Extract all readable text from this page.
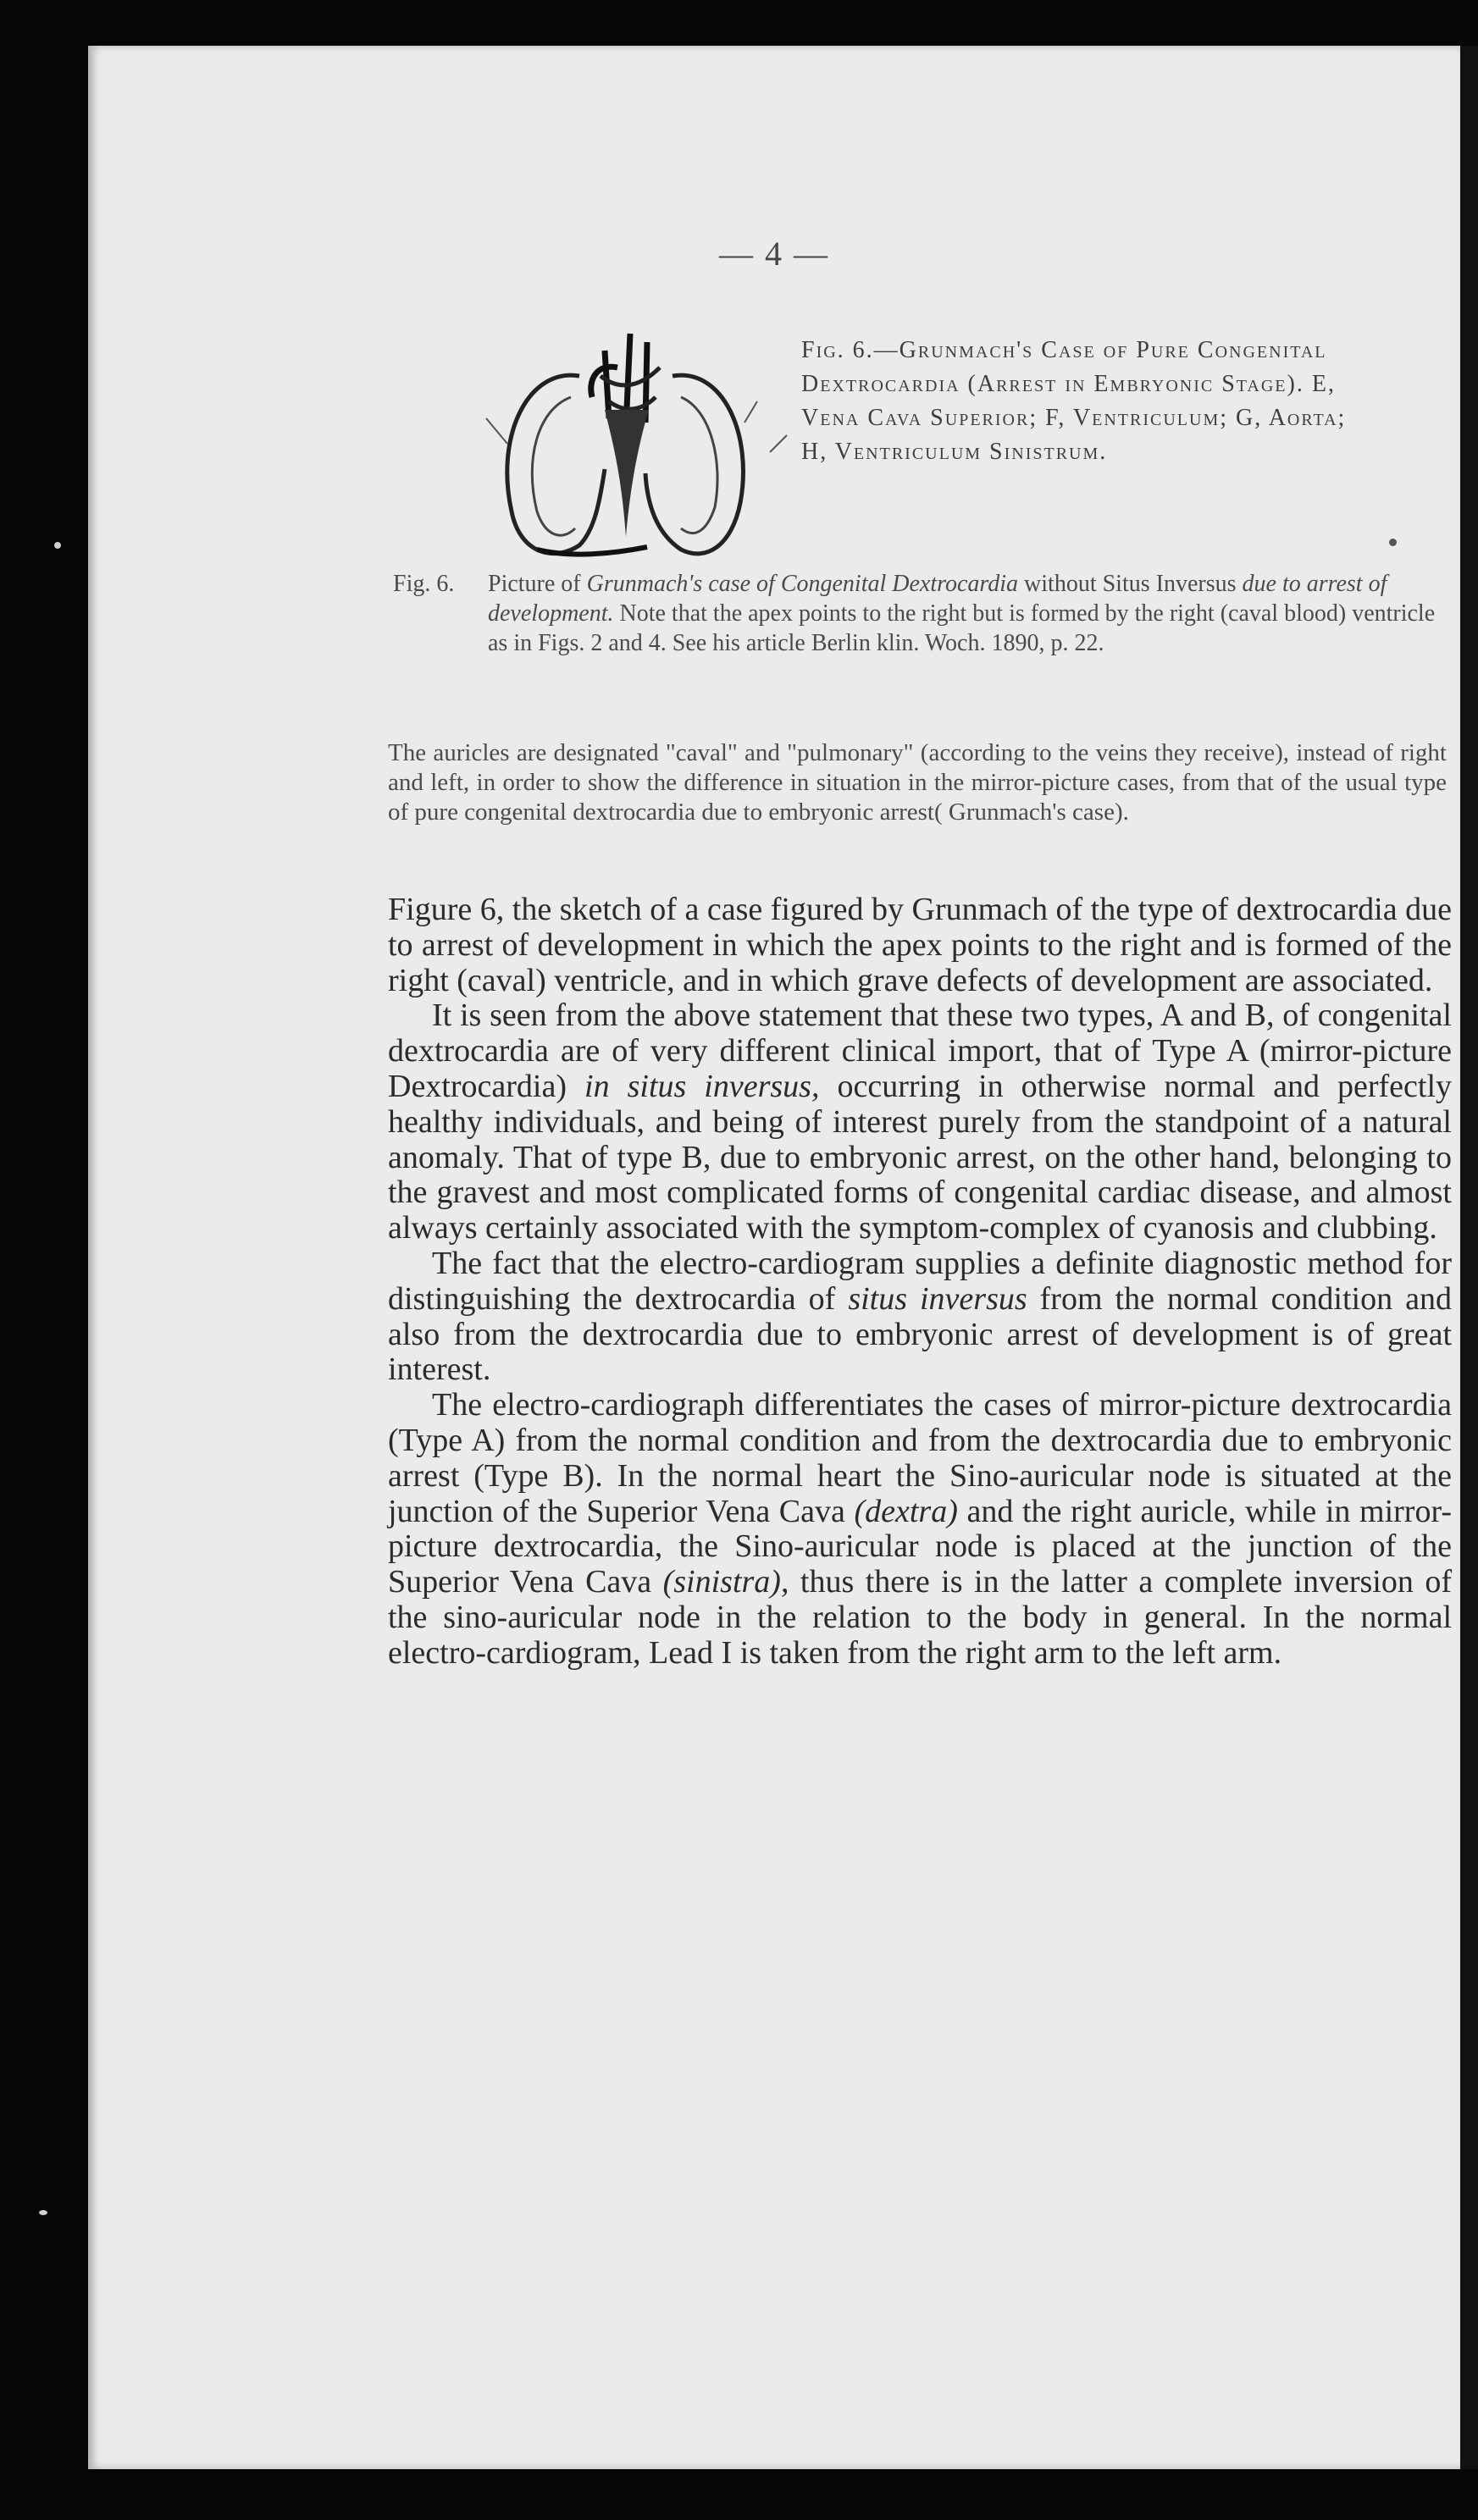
— 4 —
Fig. 6.—Grunmach's Case of Pure Congenital Dextrocardia (Arrest in Embryonic Stage). E, Vena Cava Superior; F, Ventriculum; G, Aorta; H, Ventriculum Sinistrum.
Fig. 6. Picture of Grunmach's case of Congenital Dextrocardia without Situs Inversus due to arrest of development. Note that the apex points to the right but is formed by the right (caval blood) ventricle as in Figs. 2 and 4. See his article Berlin klin. Woch. 1890, p. 22.
The auricles are designated "caval" and "pulmonary" (according to the veins they receive), instead of right and left, in order to show the difference in situation in the mirror-picture cases, from that of the usual type of pure congenital dextrocardia due to embryonic arrest( Grunmach's case).

Figure 6, the sketch of a case figured by Grunmach of the type of dextrocardia due to arrest of development in which the apex points to the right and is formed of the right (caval) ventricle, and in which grave defects of development are associated.

It is seen from the above statement that these two types, A and B, of congenital dextrocardia are of very different clinical import, that of Type A (mirror-picture Dextrocardia) in situs inversus, occurring in otherwise normal and perfectly healthy individuals, and being of interest purely from the standpoint of a natural anomaly. That of type B, due to embryonic arrest, on the other hand, belonging to the gravest and most complicated forms of congenital cardiac disease, and almost always certainly associated with the symptom-complex of cyanosis and clubbing.

The fact that the electro-cardiogram supplies a definite diagnostic method for distinguishing the dextrocardia of situs inversus from the normal condition and also from the dextrocardia due to embryonic arrest of development is of great interest.

The electro-cardiograph differentiates the cases of mirror-picture dextrocardia (Type A) from the normal condition and from the dextrocardia due to embryonic arrest (Type B). In the normal heart the Sino-auricular node is situated at the junction of the Superior Vena Cava (dextra) and the right auricle, while in mirror-picture dextrocardia, the Sino-auricular node is placed at the junction of the Superior Vena Cava (sinistra), thus there is in the latter a complete inversion of the sino-auricular node in the relation to the body in general. In the normal electro-cardiogram, Lead I is taken from the right arm to the left arm.
